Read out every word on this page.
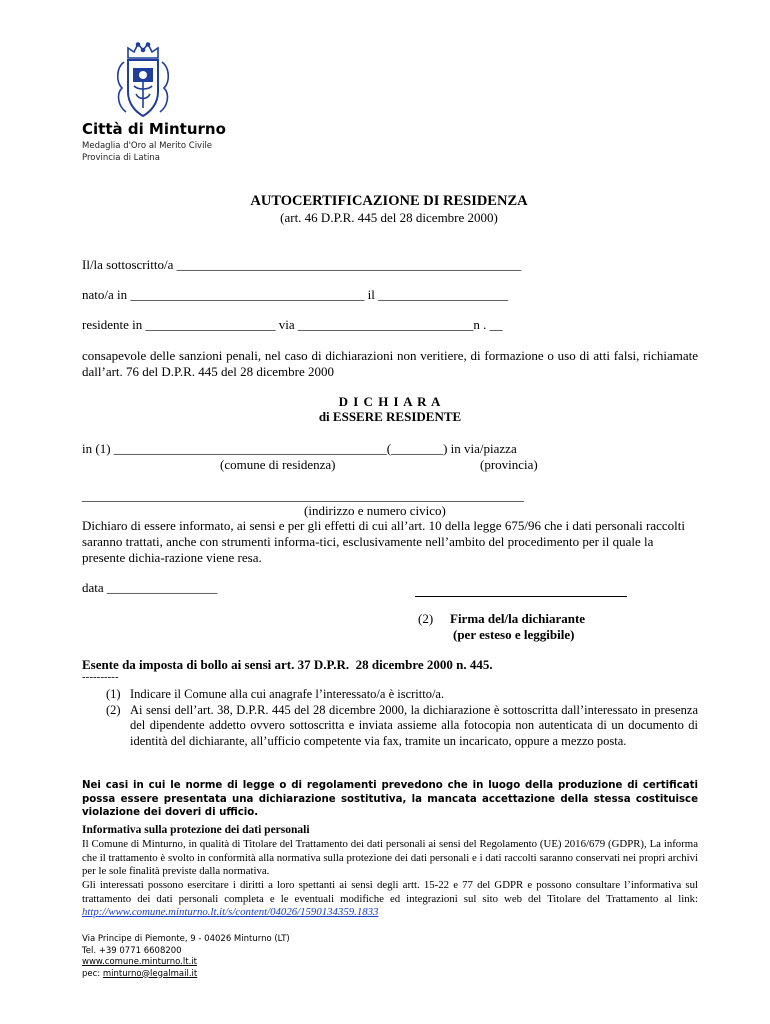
Città di Minturno
Medaglia d'Oro al Merito Civile
Provincia di Latina
AUTOCERTIFICAZIONE DI RESIDENZA
(art. 46 D.P.R. 445 del 28 dicembre 2000)
Il/la sottoscritto/a _____________________________________________________
nato/a in ____________________________________ il ____________________
residente in ____________________ via ___________________________n . __
consapevole delle sanzioni penali, nel caso di dichiarazioni non veritiere, di formazione o uso di atti falsi, richiamate dall’art. 76 del D.P.R. 445 del 28 dicembre 2000
D I C H I A R A
di ESSERE RESIDENTE
in (1) __________________________________________(________) in via/piazza
(comune di residenza)	(provincia)
____________________________________________________________________
(indirizzo e numero civico)
Dichiaro di essere informato, ai sensi e per gli effetti di cui all’art. 10 della legge 675/96 che i dati personali raccolti saranno trattati, anche con strumenti informa-tici, esclusivamente nell’ambito del procedimento per il quale la presente dichia-razione viene resa.
data _________________
(2) Firma del/la dichiarante
(per esteso e leggibile)
Esente da imposta di bollo ai sensi art. 37 D.P.R.  28 dicembre 2000 n. 445.
----------
(1) Indicare il Comune alla cui anagrafe l’interessato/a è iscritto/a.
(2) Ai sensi dell’art. 38, D.P.R. 445 del 28 dicembre 2000, la dichiarazione è sottoscritta dall’interessato in presenza del dipendente addetto ovvero sottoscritta e inviata assieme alla fotocopia non autenticata di un documento di identità del dichiarante, all’ufficio competente via fax, tramite un incaricato, oppure a mezzo posta.
Nei casi in cui le norme di legge o di regolamenti prevedono che in luogo della produzione di certificati possa essere presentata una dichiarazione sostitutiva, la mancata accettazione della stessa costituisce violazione dei doveri di ufficio.
Informativa sulla protezione dei dati personali
Il Comune di Minturno, in qualità di Titolare del Trattamento dei dati personali ai sensi del Regolamento (UE) 2016/679 (GDPR), La informa che il trattamento è svolto in conformità alla normativa sulla protezione dei dati personali e i dati raccolti saranno conservati nei propri archivi per le sole finalità previste dalla normativa.
Gli interessati possono esercitare i diritti a loro spettanti ai sensi degli artt. 15-22 e 77 del GDPR e possono consultare l’informativa sul trattamento dei dati personali completa e le eventuali modifiche ed integrazioni sul sito web del Titolare del Trattamento al link: http://www.comune.minturno.lt.it/s/content/04026/1590134359.1833
Via Principe di Piemonte, 9 - 04026 Minturno (LT)
Tel. +39 0771 6608200
www.comune.minturno.lt.it
pec: minturno@legalmail.it
